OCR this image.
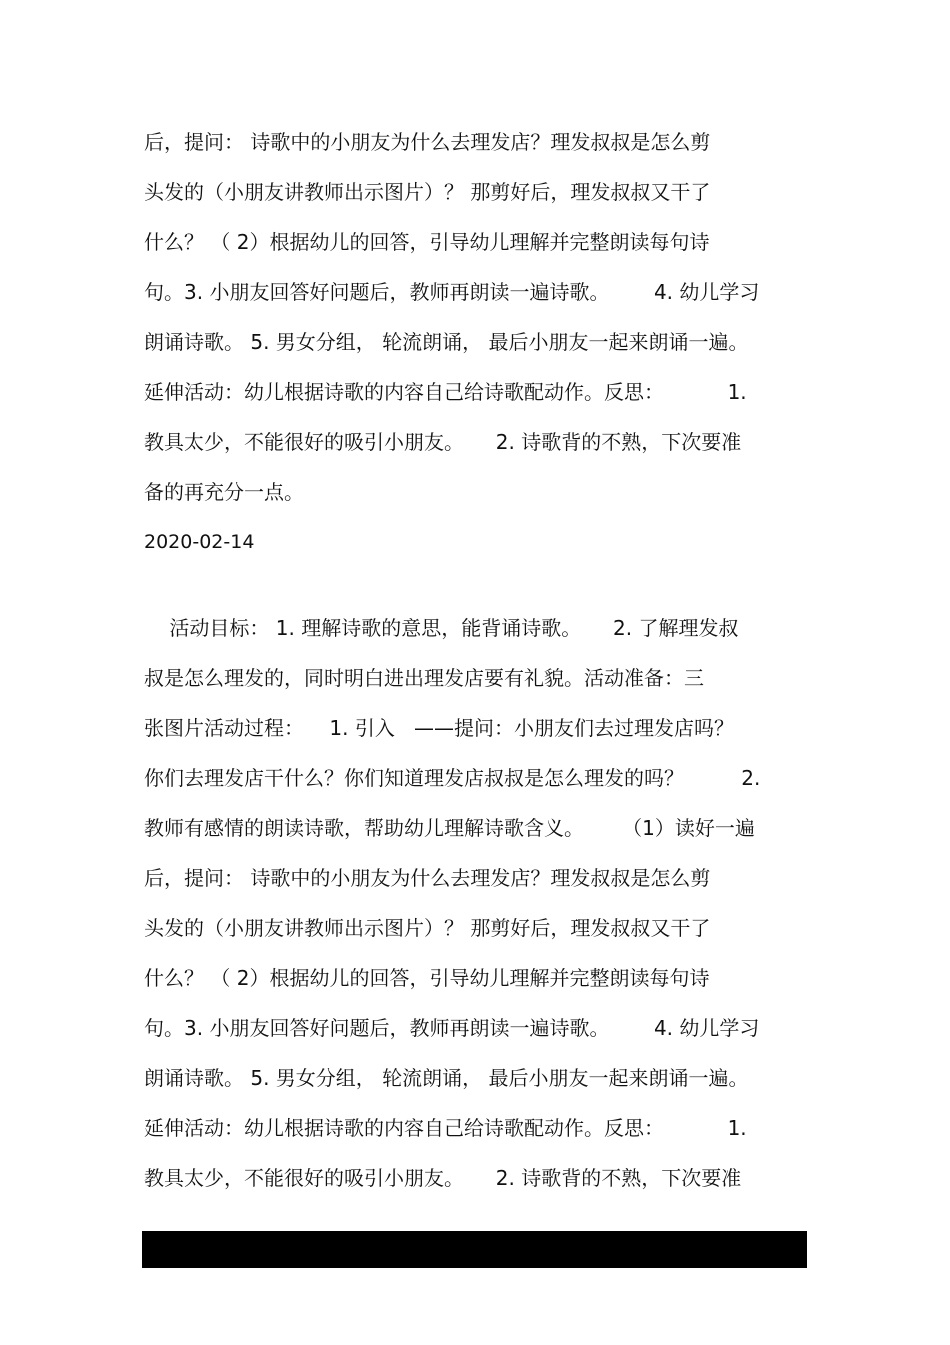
后，提问： 诗歌中的小朋友为什么去理发店？理发叔叔是怎么剪

头发的（小朋友讲教师出示图片）？ 那剪好后，理发叔叔又干了

什么？ （ 2）根据幼儿的回答，引导幼儿理解并完整朗读每句诗

句。3. 小朋友回答好问题后，教师再朗读一遍诗歌。       4. 幼儿学习

朗诵诗歌。 5. 男女分组， 轮流朗诵， 最后小朋友一起来朗诵一遍。

延伸活动：幼儿根据诗歌的内容自己给诗歌配动作。反思：          1.

教具太少，不能很好的吸引小朋友。     2. 诗歌背的不熟，下次要准

备的再充分一点。

2020-02-14

活动目标： 1. 理解诗歌的意思，能背诵诗歌。     2. 了解理发叔

叔是怎么理发的，同时明白进出理发店要有礼貌。活动准备：三

张图片活动过程：    1. 引入   ——提问：小朋友们去过理发店吗？

你们去理发店干什么？你们知道理发店叔叔是怎么理发的吗？         2.

教师有感情的朗读诗歌，帮助幼儿理解诗歌含义。      （1）读好一遍

后，提问： 诗歌中的小朋友为什么去理发店？理发叔叔是怎么剪

头发的（小朋友讲教师出示图片）？ 那剪好后，理发叔叔又干了

什么？ （ 2）根据幼儿的回答，引导幼儿理解并完整朗读每句诗

句。3. 小朋友回答好问题后，教师再朗读一遍诗歌。       4. 幼儿学习

朗诵诗歌。 5. 男女分组， 轮流朗诵， 最后小朋友一起来朗诵一遍。

延伸活动：幼儿根据诗歌的内容自己给诗歌配动作。反思：          1.

教具太少，不能很好的吸引小朋友。     2. 诗歌背的不熟，下次要准
